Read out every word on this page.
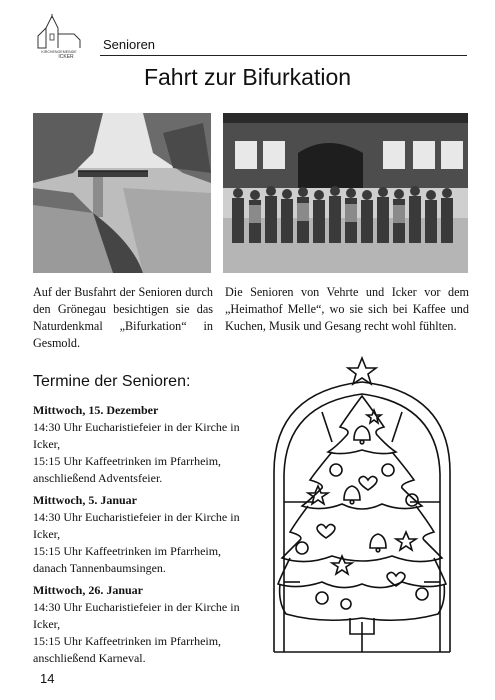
KIRCHENGEMEINDE
ICKER
Senioren
Fahrt zur Bifurkation
Auf der Busfahrt der Senioren durch den Grönegau besichtigen sie das Naturdenkmal „Bifurkation“ in Gesmold.
Die Senioren von Vehrte und Icker vor dem „Heimathof Melle“, wo sie sich bei Kaffee und Kuchen, Musik und Gesang recht wohl fühlten.
Termine der Senioren:
Mittwoch, 15. Dezember
14:30 Uhr Eucharistiefeier in der Kirche in Icker,
15:15 Uhr Kaffeetrinken im Pfarrheim, anschließend Adventsfeier.
Mittwoch, 5. Januar
14:30 Uhr Eucharistiefeier in der Kirche in Icker,
15:15 Uhr Kaffeetrinken im Pfarrheim, danach Tannenbaumsingen.
Mittwoch, 26. Januar
14:30 Uhr Eucharistiefeier in der Kirche in Icker,
15:15 Uhr Kaffeetrinken im Pfarrheim, anschließend Karneval.
14
